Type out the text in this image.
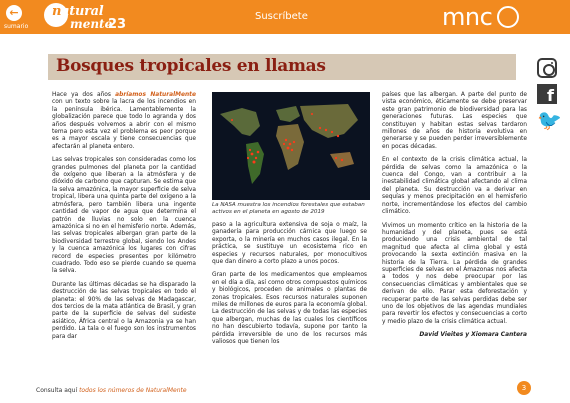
←
sumario
natural
mente
23
Suscríbete	mnc
f
🐦
Bosques tropicales en llamas

Hace ya dos años abríamos NaturalMente con un texto sobre la lacra de los incendios en la península ibérica. Lamentablemente la globalización parece que todo lo agranda y dos años después volvemos a abrir con el mismo tema pero esta vez el problema es peor porque es a mayor escala y tiene consecuencias que afectarán al planeta entero.

Las selvas tropicales son consideradas como los grandes pulmones del planeta por la cantidad de oxígeno que liberan a la atmósfera y de dióxido de carbono que capturan. Se estima que la selva amazónica, la mayor superficie de selva tropical, libera una quinta parte del oxígeno a la atmósfera, pero también libera una ingente cantidad de vapor de agua que determina el patrón de lluvias no solo en la cuenca amazónica si no en el hemisferio norte. Además, las selvas tropicales albergan gran parte de la biodiversidad terrestre global, siendo los Andes y la cuenca amazónica los lugares con cifras record de especies presentes por kilómetro cuadrado. Todo eso se pierde cuando se quema la selva.

Durante las últimas décadas se ha disparado la destrucción de las selvas tropicales en todo el planeta: el 90% de las selvas de Madagascar, dos tercios de la mata atlántica de Brasil, y gran parte de la superficie de selvas del sudeste asiático, África central o la Amazonia ya se han perdido. La tala o el fuego son los instrumentos para dar

La NASA muestra los incendios forestales que estaban activos en el planeta en agosto de 2019

paso a la agricultura extensiva de soja o maíz, la ganadería para producción cárnica que luego se exporta, o la minería en muchos casos ilegal. En la práctica, se sustituye un ecosistema rico en especies y recursos naturales, por monocultivos que dan dinero a corto plazo a unos pocos.

Gran parte de los medicamentos que empleamos en el día a día, así como otros compuestos químicos y biológicos, proceden de animales o plantas de zonas tropicales. Esos recursos naturales suponen miles de millones de euros para la economía global. La destrucción de las selvas y de todas las especies que albergan, muchas de las cuales los científicos no han descubierto todavía, supone por tanto la pérdida irreversible de uno de los recursos más valiosos que tienen los

países que las albergan. A parte del punto de vista económico, éticamente se debe preservar este gran patrimonio de biodiversidad para las generaciones futuras. Las especies que constituyen y habitan estas selvas tardaron millones de años de historia evolutiva en generarse y se pueden perder irreversiblemente en pocas décadas.

En el contexto de la crisis climática actual, la pérdida de selvas como la amazónica o la cuenca del Congo, van a contribuir a la inestabilidad climática global afectando al clima del planeta. Su destrucción va a derivar en sequías y menos precipitación en el hemisferio norte, incrementándose los efectos del cambio climático.

Vivimos un momento crítico en la historia de la humanidad y del planeta, pues se está produciendo una crisis ambiental de tal magnitud que afecta al clima global y está provocando la sexta extinción masiva en la historia de la Tierra. La pérdida de grandes superficies de selvas en el Amazonas nos afecta a todos y nos debe preocupar por las consecuencias climáticas y ambientales que se derivan de ello. Parar esta deforestación y recuperar parte de las selvas perdidas debe ser uno de los objetivos de las agendas mundiales para revertir los efectos y consecuencias a corto y medio plazo de la crisis climática actual.

David Vieites y Xiomara Cantera

Consulta aquí todos los números de NaturalMente	3
